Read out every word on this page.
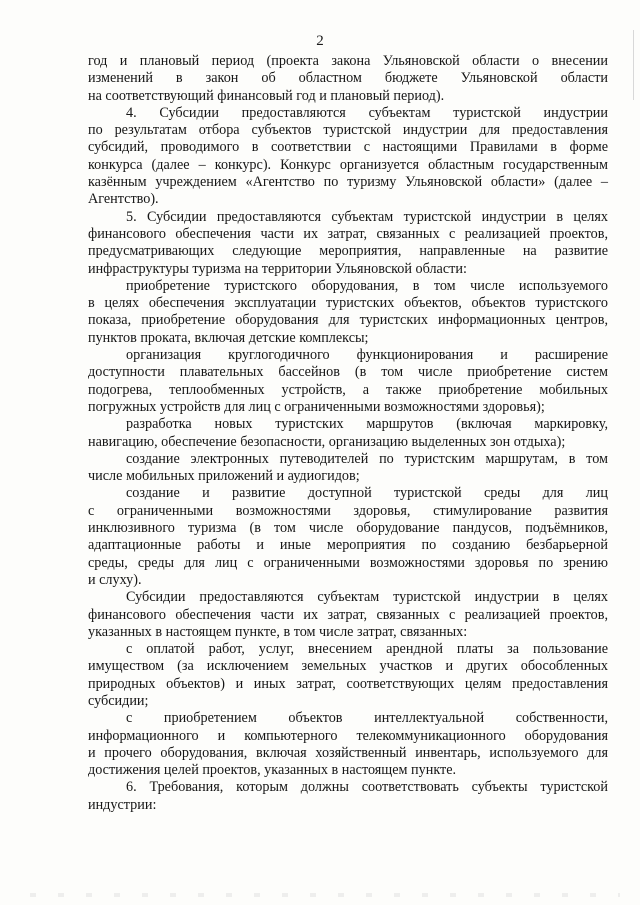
2
год и плановый период (проекта закона Ульяновской области о внесении
изменений в закон об областном бюджете Ульяновской области
на соответствующий финансовый год и плановый период).
4. Субсидии предоставляются субъектам туристской индустрии
по результатам отбора субъектов туристской индустрии для предоставления
субсидий, проводимого в соответствии с настоящими Правилами в форме
конкурса (далее – конкурс). Конкурс организуется областным государственным
казённым учреждением «Агентство по туризму Ульяновской области» (далее –
Агентство).
5. Субсидии предоставляются субъектам туристской индустрии в целях
финансового обеспечения части их затрат, связанных с реализацией проектов,
предусматривающих следующие мероприятия, направленные на развитие
инфраструктуры туризма на территории Ульяновской области:
приобретение туристского оборудования, в том числе используемого
в целях обеспечения эксплуатации туристских объектов, объектов туристского
показа, приобретение оборудования для туристских информационных центров,
пунктов проката, включая детские комплексы;
организация круглогодичного функционирования и расширение
доступности плавательных бассейнов (в том числе приобретение систем
подогрева, теплообменных устройств, а также приобретение мобильных
погружных устройств для лиц с ограниченными возможностями здоровья);
разработка новых туристских маршрутов (включая маркировку,
навигацию, обеспечение безопасности, организацию выделенных зон отдыха);
создание электронных путеводителей по туристским маршрутам, в том
числе мобильных приложений и аудиогидов;
создание и развитие доступной туристской среды для лиц
с ограниченными возможностями здоровья, стимулирование развития
инклюзивного туризма (в том числе оборудование пандусов, подъёмников,
адаптационные работы и иные мероприятия по созданию безбарьерной
среды, среды для лиц с ограниченными возможностями здоровья по зрению
и слуху).
Субсидии предоставляются субъектам туристской индустрии в целях
финансового обеспечения части их затрат, связанных с реализацией проектов,
указанных в настоящем пункте, в том числе затрат, связанных:
с оплатой работ, услуг, внесением арендной платы за пользование
имуществом (за исключением земельных участков и других обособленных
природных объектов) и иных затрат, соответствующих целям предоставления
субсидии;
с приобретением объектов интеллектуальной собственности,
информационного и компьютерного телекоммуникационного оборудования
и прочего оборудования, включая хозяйственный инвентарь, используемого для
достижения целей проектов, указанных в настоящем пункте.
6. Требования, которым должны соответствовать субъекты туристской
индустрии:
